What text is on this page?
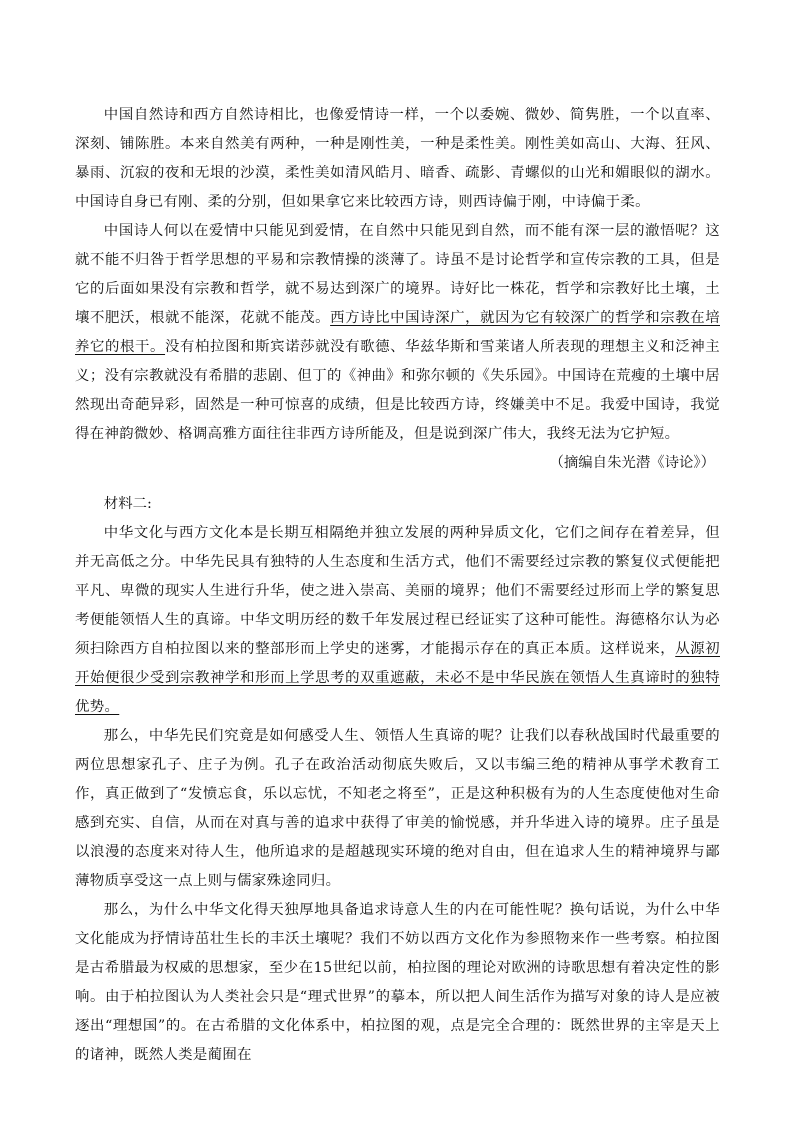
中国自然诗和西方自然诗相比，也像爱情诗一样，一个以委婉、微妙、简隽胜，一个以直率、深刻、铺陈胜。本来自然美有两种，一种是刚性美，一种是柔性美。刚性美如高山、大海、狂风、暴雨、沉寂的夜和无垠的沙漠，柔性美如清风皓月、暗香、疏影、青螺似的山光和媚眼似的湖水。中国诗自身已有刚、柔的分别，但如果拿它来比较西方诗，则西诗偏于刚，中诗偏于柔。

中国诗人何以在爱情中只能见到爱情，在自然中只能见到自然，而不能有深一层的澈悟呢？这就不能不归咎于哲学思想的平易和宗教情操的淡薄了。诗虽不是讨论哲学和宣传宗教的工具，但是它的后面如果没有宗教和哲学，就不易达到深广的境界。诗好比一株花，哲学和宗教好比土壤，土壤不肥沃，根就不能深，花就不能茂。西方诗比中国诗深广，就因为它有较深广的哲学和宗教在培养它的根干。没有柏拉图和斯宾诺莎就没有歌德、华兹华斯和雪莱诸人所表现的理想主义和泛神主义；没有宗教就没有希腊的悲剧、但丁的《神曲》和弥尔顿的《失乐园》。中国诗在荒瘦的土壤中居然现出奇葩异彩，固然是一种可惊喜的成绩，但是比较西方诗，终嫌美中不足。我爱中国诗，我觉得在神韵微妙、格调高雅方面往往非西方诗所能及，但是说到深广伟大，我终无法为它护短。

（摘编自朱光潜《诗论》）

材料二:

中华文化与西方文化本是长期互相隔绝并独立发展的两种异质文化，它们之间存在着差异，但并无高低之分。中华先民具有独特的人生态度和生活方式，他们不需要经过宗教的繁复仪式便能把平凡、卑微的现实人生进行升华，使之进入崇高、美丽的境界；他们不需要经过形而上学的繁复思考便能领悟人生的真谛。中华文明历经的数千年发展过程已经证实了这种可能性。海德格尔认为必须扫除西方自柏拉图以来的整部形而上学史的迷雾，才能揭示存在的真正本质。这样说来，从源初开始便很少受到宗教神学和形而上学思考的双重遮蔽，未必不是中华民族在领悟人生真谛时的独特优势。

那么，中华先民们究竟是如何感受人生、领悟人生真谛的呢？让我们以春秋战国时代最重要的两位思想家孔子、庄子为例。孔子在政治活动彻底失败后，又以韦编三绝的精神从事学术教育工作，真正做到了“发愤忘食，乐以忘忧，不知老之将至”，正是这种积极有为的人生态度使他对生命感到充实、自信，从而在对真与善的追求中获得了审美的愉悦感，并升华进入诗的境界。庄子虽是以浪漫的态度来对待人生，他所追求的是超越现实环境的绝对自由，但在追求人生的精神境界与鄙薄物质享受这一点上则与儒家殊途同归。

那么，为什么中华文化得天独厚地具备追求诗意人生的内在可能性呢？换句话说，为什么中华文化能成为抒情诗茁壮生长的丰沃土壤呢？我们不妨以西方文化作为参照物来作一些考察。柏拉图是古希腊最为权威的思想家，至少在15世纪以前，柏拉图的理论对欧洲的诗歌思想有着决定性的影响。由于柏拉图认为人类社会只是“理式世界”的摹本，所以把人间生活作为描写对象的诗人是应被逐出“理想国”的。在古希腊的文化体系中，柏拉图的观，点是完全合理的：既然世界的主宰是天上的诸神，既然人类是蔺囿在
